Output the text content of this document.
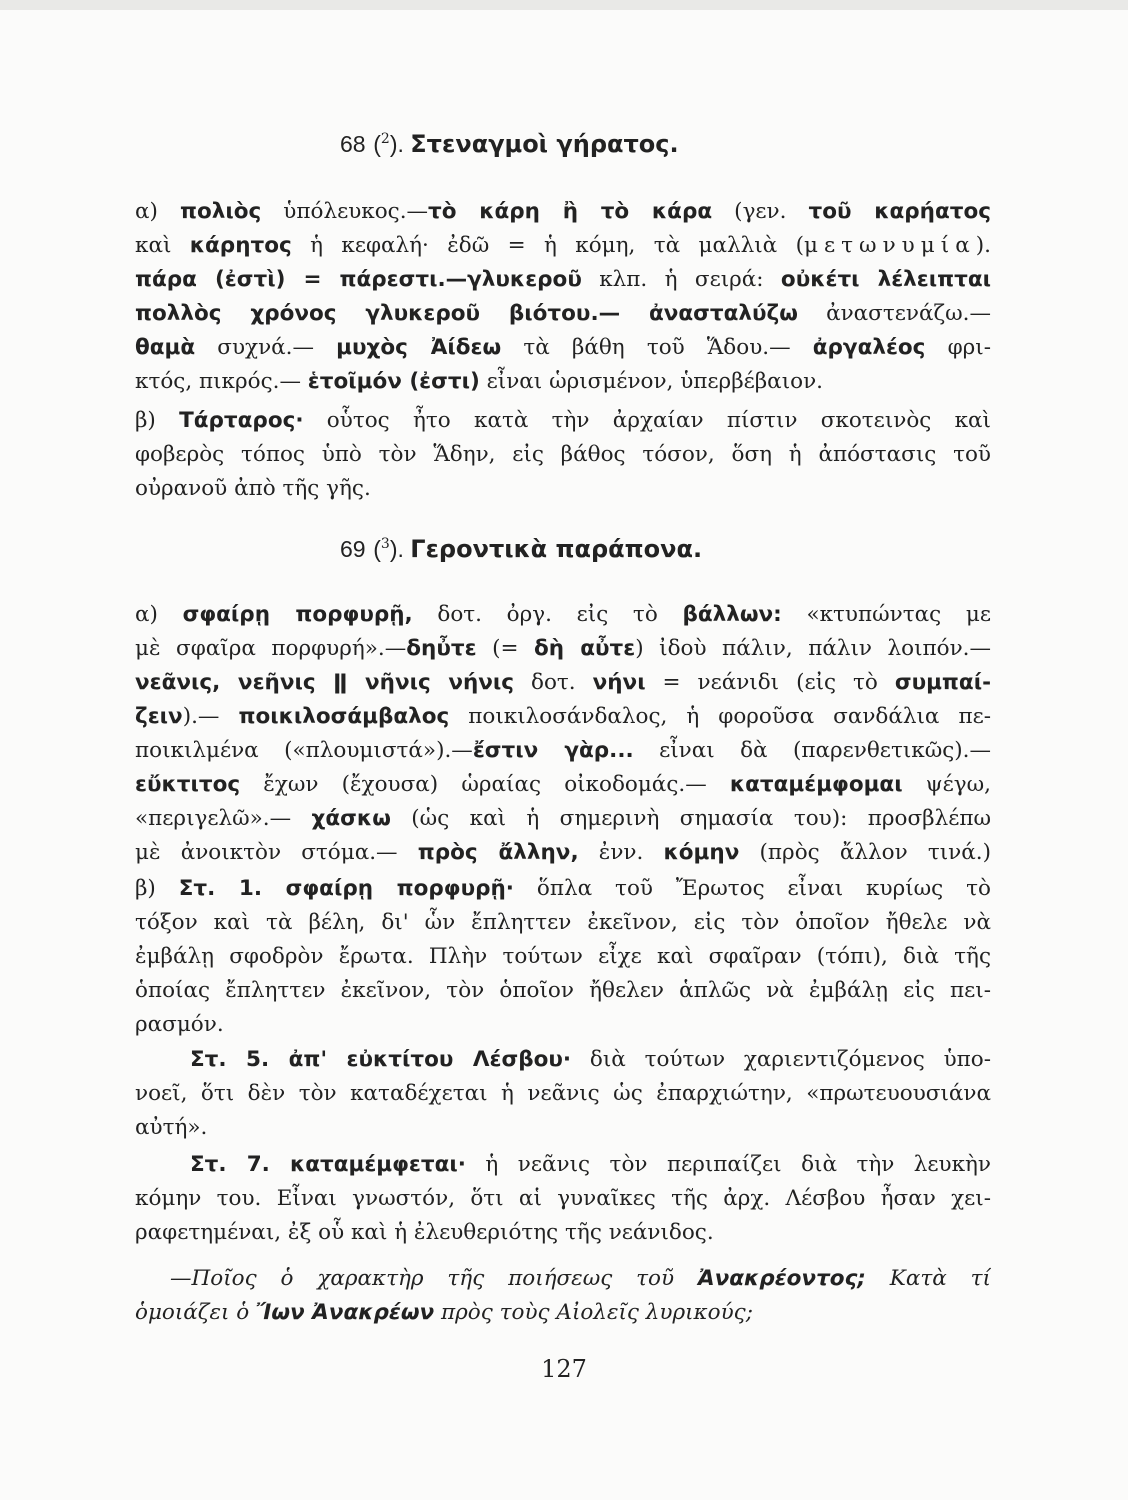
68 ($^2$). Στεναγμοὶ γήρατος.
α) πολιὸς ὑπόλευκος.—τὸ κάρη ἢ τὸ κάρα (γεν. τοῦ καρήατος
καὶ κάρητος ἡ κεφαλή· ἐδῶ = ἡ κόμη, τὰ μαλλιὰ (μετωνυμία).
πάρα (ἐστὶ) = πάρεστι.—γλυκεροῦ κλπ. ἡ σειρά: οὐκέτι λέλειπται
πολλὸς χρόνος γλυκεροῦ βιότου.— ἀνασταλύζω ἀναστενάζω.—
θαμὰ συχνά.— μυχὸς Ἀίδεω τὰ βάθη τοῦ Ἅδου.— ἀργαλέος φρι-
κτός, πικρός.— ἑτοῖμόν (ἐστι) εἶναι ὡρισμένον, ὑπερβέβαιον.
β) Τάρταρος· οὗτος ἦτο κατὰ τὴν ἀρχαίαν πίστιν σκοτεινὸς καὶ
φοβερὸς τόπος ὑπὸ τὸν Ἅδην, εἰς βάθος τόσον, ὅση ἡ ἀπόστασις τοῦ
οὐρανοῦ ἀπὸ τῆς γῆς.
69 ($^3$). Γεροντικὰ παράπονα.
α) σφαίρῃ πορφυρῇ, δοτ. ὀργ. εἰς τὸ βάλλων: «κτυπώντας με
μὲ σφαῖρα πορφυρή».—δηὖτε (= δὴ αὖτε) ἰδοὺ πάλιν, πάλιν λοιπόν.—
νεᾶνις, νεῆνις ǁ νῆνις νήνις δοτ. νήνι = νεάνιδι (εἰς τὸ συμπαί-
ζειν).— ποικιλοσάμβαλος ποικιλοσάνδαλος, ἡ φοροῦσα σανδάλια πε-
ποικιλμένα («πλουμιστά»).—ἔστιν γὰρ... εἶναι δὰ (παρενθετικῶς).—
εὔκτιτος ἔχων (ἔχουσα) ὡραίας οἰκοδομάς.— καταμέμφομαι ψέγω,
«περιγελῶ».— χάσκω (ὡς καὶ ἡ σημερινὴ σημασία του): προσβλέπω
μὲ ἀνοικτὸν στόμα.— πρὸς ἄλλην, ἐνν. κόμην (πρὸς ἄλλον τινά.)
β) Στ. 1. σφαίρῃ πορφυρῇ· ὅπλα τοῦ Ἔρωτος εἶναι κυρίως τὸ
τόξον καὶ τὰ βέλη, δι' ὧν ἔπληττεν ἐκεῖνον, εἰς τὸν ὁποῖον ἤθελε νὰ
ἐμβάλῃ σφοδρὸν ἔρωτα. Πλὴν τούτων εἶχε καὶ σφαῖραν (τόπι), διὰ τῆς
ὁποίας ἔπληττεν ἐκεῖνον, τὸν ὁποῖον ἤθελεν ἁπλῶς νὰ ἐμβάλῃ εἰς πει-
ρασμόν.
Στ. 5. ἀπ' εὐκτίτου Λέσβου· διὰ τούτων χαριεντιζόμενος ὑπο-
νοεῖ, ὅτι δὲν τὸν καταδέχεται ἡ νεᾶνις ὡς ἐπαρχιώτην, «πρωτευουσιάνα
αὐτή».
Στ. 7. καταμέμφεται· ἡ νεᾶνις τὸν περιπαίζει διὰ τὴν λευκὴν
κόμην του. Εἶναι γνωστόν, ὅτι αἱ γυναῖκες τῆς ἀρχ. Λέσβου ἦσαν χει-
ραφετημέναι, ἐξ οὗ καὶ ἡ ἐλευθεριότης τῆς νεάνιδος.
—Ποῖος ὁ χαρακτὴρ τῆς ποιήσεως τοῦ Ἀνακρέοντος; Κατὰ τί
ὁμοιάζει ὁ Ἴων Ἀνακρέων πρὸς τοὺς Αἰολεῖς λυρικούς;
127
